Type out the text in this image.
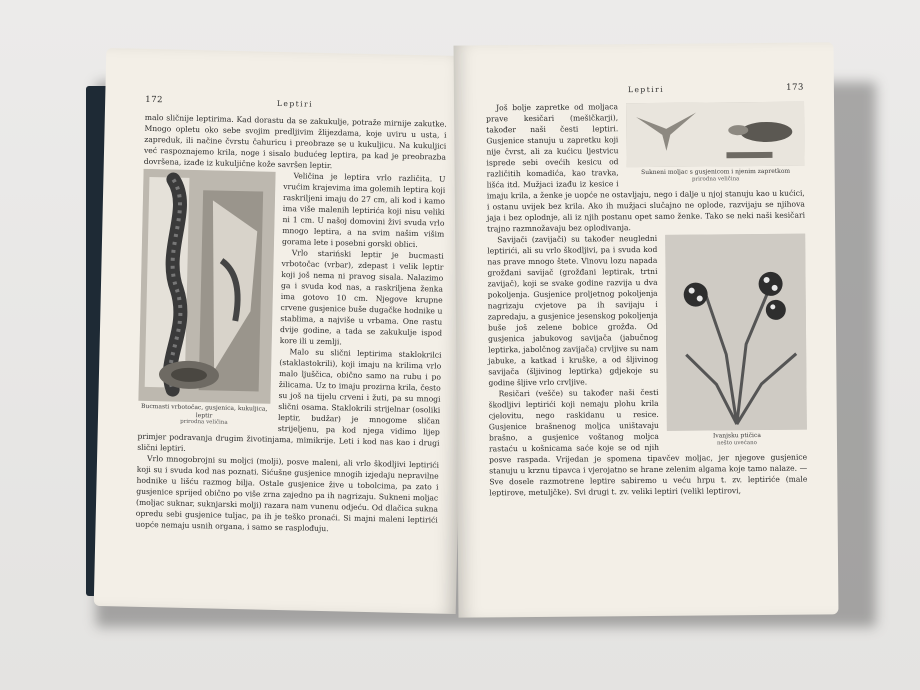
172	Leptiri

malo sličnije leptirima. Kad dorastu da se zakukulje, potraže mirnije zakutke. Mnogo opletu oko sebe svojim predljivim žlijezdama, koje uviru u usta, i zapreduk, ili načine čvrstu čahuricu i preobraze se u kukuljicu. Na kukuljici već raspoznajemo krila, noge i sisalo budućeg leptira, pa kad je preobrazba dovršena, izađe iz kukuljične kože savršen leptir.

Bucmasti vrbotočac, gusjenica, kukuljica, leptir
prirodna veličina

Veličina je leptira vrlo različita. U vrućim krajevima ima golemih leptira koji raskriljeni imaju do 27 cm, ali kod i kamo ima više malenih leptirića koji nisu veliki ni 1 cm. U našoj domovini živi svuda vrlo mnogo leptira, a na svim našim višim gorama lete i posebni gorski oblici.

Vrlo stariński leptir je bucmasti vrbotočac (vrbar), zdepast i velik leptir koji još nema ni pravog sisala. Nalazimo ga i svuda kod nas, a raskriljena ženka ima gotovo 10 cm. Njegove krupne crvene gusjenice buše dugačke hodnike u stablima, a najviše u vrbama. One rastu dvije godine, a tada se zakukulje ispod kore ili u zemlji.

Malo su slični leptirima staklokrilci (staklastokrili), koji imaju na krilima vrlo malo ljuščica, obično samo na rubu i po žilicama. Uz to imaju prozirna krila, često su još na tijelu crveni i žuti, pa su mnogi slični osama. Staklokrili strijelnar (osoliki leptir, budžar) je mnogome sličan strijeljenu, pa kod njega vidimo lijep primjer podravanja drugim životinjama, mimikrije. Leti i kod nas kao i drugi slični leptiri.

Vrlo mnogobrojni su moljci (molji), posve maleni, ali vrlo škodljivi leptirići koji su i svuda kod nas poznati. Sićušne gusjenice mnogih izjedaju nepravilne hodnike u lišću razmog bilja. Ostale gusjenice žive u tobolcima, pa zato i gusjenice sprijed obično po više zrna zajedno pa ih nagrizaju. Sukneni moljac (moljac suknar, suknjarski molji) razara nam vunenu odjeću. Od dlačica sukna opredu sebi gusjenice tuljac, pa ih je teško pronaći. Si majni maleni leptirići uopće nemaju usnih organa, i samo se rasplođuju.

Leptiri	173
Sukneni moljac s gusjenicom i njenim zapretkom
prirodna veličina

Još bolje zapretke od moljaca prave kesičari (mešičkarji), također naši česti leptiri. Gusjenice stanuju u zapretku koji nije čvrst, ali za kućicu ljestvicu isprede sebi ovećih kesicu od različitih komadića, kao travka, lišća itd. Mužjaci izađu iz kesice i imaju krila, a ženke je uopće ne ostavljaju, nego i dalje u njoj stanuju kao u kućici, i ostanu uvijek bez krila. Ako ih mužjaci slučajno ne oplode, razvijaju se njihova jaja i bez oplodnje, ali iz njih postanu opet samo ženke. Tako se neki naši kesičari trajno razmnožavaju bez oplodivanja.

Ivanjsku ptičica
nešto uvećano

Savijači (zavijači) su također neugledni leptirići, ali su vrlo škodljivi, pa i svuda kod nas prave mnogo štete. Vinovu lozu napada grožđani savijač (grožđani leptirak, trtni zavijač), koji se svake godine razvija u dva pokoljenja. Gusjenice proljetnog pokoljenja nagrizaju cvjetove pa ih savijaju i zapredaju, a gusjenice jesenskog pokoljenja buše još zelene bobice grožđa. Od gusjenica jabukovog savijača (jabučnog leptirka, jabolčnog zavijača) crvljive su nam jabuke, a katkad i kruške, a od šljivinog savijača (šljivinog leptirka) gdjekoje su godine šljive vrlo crvljive.

Resičari (vešče) su također naši česti škodljivi leptirići koji nemaju plohu krila cjelovitu, nego raskidanu u resice. Gusjenice brašnenog moljca uništavaju brašno, a gusjenice voštanog moljca rastaću u košnicama saće koje se od njih posve raspada. Vrijedan je spomena tipavčev moljac, jer njegove gusjenice stanuju u krznu tipavca i vjerojatno se hrane zelenim algama koje tamo nalaze. — Sve dosele razmotrene leptire sabiremo u veću hrpu t. zv. leptiriće (male leptirove, metuljčke). Svi drugi t. zv. veliki leptiri (veliki leptirovi,
